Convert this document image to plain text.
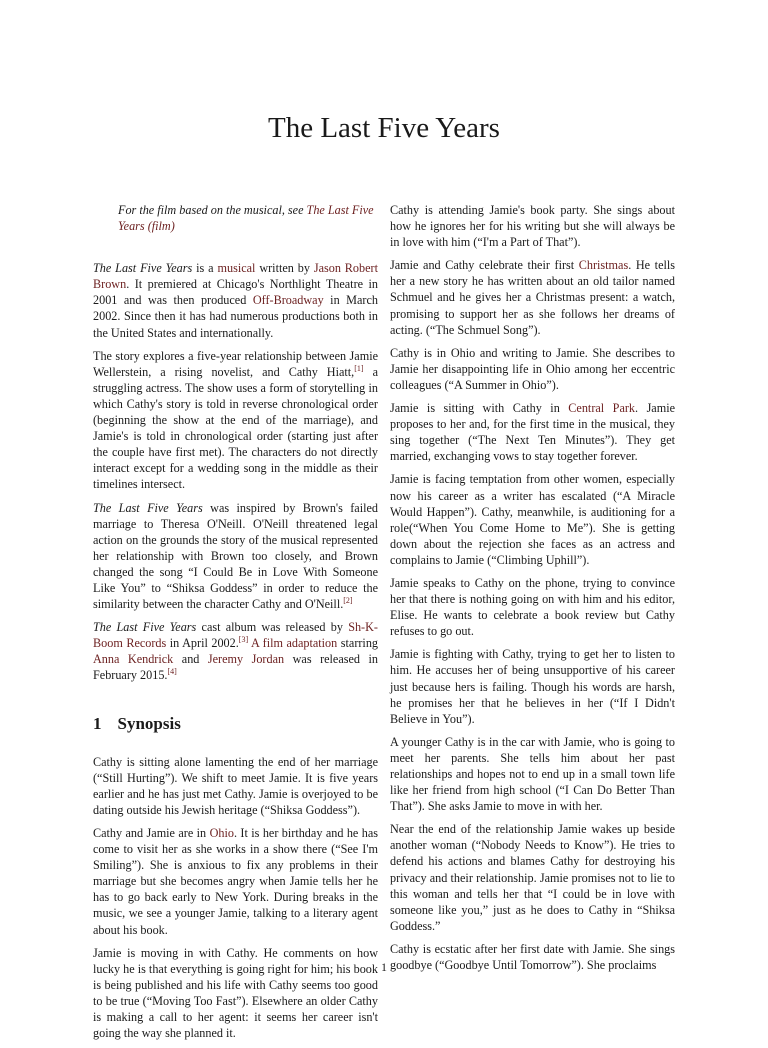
The Last Five Years

For the film based on the musical, see The Last Five Years (film)

The Last Five Years is a musical written by Jason Robert Brown. It premiered at Chicago's Northlight Theatre in 2001 and was then produced Off-Broadway in March 2002. Since then it has had numerous productions both in the United States and internationally.

The story explores a five-year relationship between Jamie Wellerstein, a rising novelist, and Cathy Hiatt,[1] a struggling actress. The show uses a form of storytelling in which Cathy's story is told in reverse chronological order (beginning the show at the end of the marriage), and Jamie's is told in chronological order (starting just after the couple have first met). The characters do not directly interact except for a wedding song in the middle as their timelines intersect.

The Last Five Years was inspired by Brown's failed marriage to Theresa O'Neill. O'Neill threatened legal action on the grounds the story of the musical represented her relationship with Brown too closely, and Brown changed the song “I Could Be in Love With Someone Like You” to “Shiksa Goddess” in order to reduce the similarity between the character Cathy and O'Neill.[2]

The Last Five Years cast album was released by Sh-K-Boom Records in April 2002.[3] A film adaptation starring Anna Kendrick and Jeremy Jordan was released in February 2015.[4]

1 Synopsis

Cathy is sitting alone lamenting the end of her marriage (“Still Hurting”). We shift to meet Jamie. It is five years earlier and he has just met Cathy. Jamie is overjoyed to be dating outside his Jewish heritage (“Shiksa Goddess”).

Cathy and Jamie are in Ohio. It is her birthday and he has come to visit her as she works in a show there (“See I'm Smiling”). She is anxious to fix any problems in their marriage but she becomes angry when Jamie tells her he has to go back early to New York. During breaks in the music, we see a younger Jamie, talking to a literary agent about his book.

Jamie is moving in with Cathy. He comments on how lucky he is that everything is going right for him; his book is being published and his life with Cathy seems too good to be true (“Moving Too Fast”). Elsewhere an older Cathy is making a call to her agent: it seems her career isn't going the way she planned it.

Cathy is attending Jamie's book party. She sings about how he ignores her for his writing but she will always be in love with him (“I'm a Part of That”).

Jamie and Cathy celebrate their first Christmas. He tells her a new story he has written about an old tailor named Schmuel and he gives her a Christmas present: a watch, promising to support her as she follows her dreams of acting. (“The Schmuel Song”).

Cathy is in Ohio and writing to Jamie. She describes to Jamie her disappointing life in Ohio among her eccentric colleagues (“A Summer in Ohio”).

Jamie is sitting with Cathy in Central Park. Jamie proposes to her and, for the first time in the musical, they sing together (“The Next Ten Minutes”). They get married, exchanging vows to stay together forever.

Jamie is facing temptation from other women, especially now his career as a writer has escalated (“A Miracle Would Happen”). Cathy, meanwhile, is auditioning for a role(“When You Come Home to Me”). She is getting down about the rejection she faces as an actress and complains to Jamie (“Climbing Uphill”).

Jamie speaks to Cathy on the phone, trying to convince her that there is nothing going on with him and his editor, Elise. He wants to celebrate a book review but Cathy refuses to go out.

Jamie is fighting with Cathy, trying to get her to listen to him. He accuses her of being unsupportive of his career just because hers is failing. Though his words are harsh, he promises her that he believes in her (“If I Didn't Believe in You”).

A younger Cathy is in the car with Jamie, who is going to meet her parents. She tells him about her past relationships and hopes not to end up in a small town life like her friend from high school (“I Can Do Better Than That”). She asks Jamie to move in with her.

Near the end of the relationship Jamie wakes up beside another woman (“Nobody Needs to Know”). He tries to defend his actions and blames Cathy for destroying his privacy and their relationship. Jamie promises not to lie to this woman and tells her that “I could be in love with someone like you,” just as he does to Cathy in “Shiksa Goddess.”

Cathy is ecstatic after her first date with Jamie. She sings goodbye (“Goodbye Until Tomorrow”). She proclaims

1
